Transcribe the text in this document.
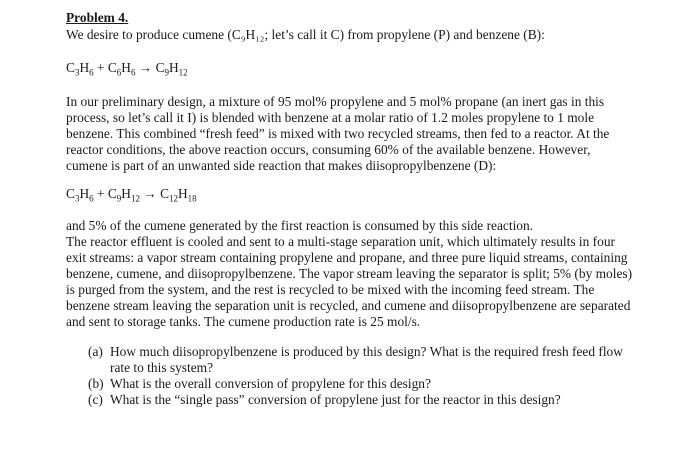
Problem 4.
We desire to produce cumene (C₉H₁₂; let’s call it C) from propylene (P) and benzene (B):
$C_3H_6 + C_6H_6 \to C_9H_{12}$
In our preliminary design, a mixture of 95 mol% propylene and 5 mol% propane (an inert gas in this
process, so let’s call it I) is blended with benzene at a molar ratio of 1.2 moles propylene to 1 mole
benzene. This combined “fresh feed” is mixed with two recycled streams, then fed to a reactor. At the
reactor conditions, the above reaction occurs, consuming 60% of the available benzene. However,
cumene is part of an unwanted side reaction that makes diisopropylbenzene (D):
$C_3H_6 + C_9H_{12} \to C_{12}H_{18}$
and 5% of the cumene generated by the first reaction is consumed by this side reaction.
The reactor effluent is cooled and sent to a multi-stage separation unit, which ultimately results in four
exit streams: a vapor stream containing propylene and propane, and three pure liquid streams, containing
benzene, cumene, and diisopropylbenzene. The vapor stream leaving the separator is split; 5% (by moles)
is purged from the system, and the rest is recycled to be mixed with the incoming feed stream. The
benzene stream leaving the separation unit is recycled, and cumene and diisopropylbenzene are separated
and sent to storage tanks. The cumene production rate is 25 mol/s.
(a) How much diisopropylbenzene is produced by this design? What is the required fresh feed flow
rate to this system?
(b) What is the overall conversion of propylene for this design?
(c) What is the “single pass” conversion of propylene just for the reactor in this design?
